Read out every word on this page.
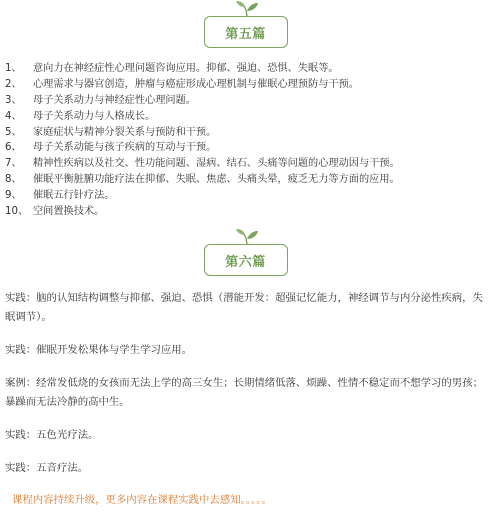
第五篇
1、	意向力在神经症性心理问题咨询应用。抑郁、强迫、恐惧、失眠等。
2、	心理需求与器官创造，肿瘤与癌症形成心理机制与催眠心理预防与干预。
3、	母子关系动力与神经症性心理问题。
4、	母子关系动力与人格成长。
5、	家庭症状与精神分裂关系与预防和干预。
6、	母子关系动能与孩子疾病的互动与干预。
7、	精神性疾病以及社交、性功能问题、湿病、结石、头痛等问题的心理动因与干预。
8、	催眠平衡脏腑功能疗法在抑郁、失眠、焦虑、头痛头晕，疲乏无力等方面的应用。
9、	催眠五行针疗法。
10、 空间置换技术。
第六篇

实践：脑的认知结构调整与抑郁、强迫、恐惧（潜能开发：超强记忆能力，神经调节与内分泌性疾病，失眠调节）。

实践：催眠开发松果体与学生学习应用。

案例：经常发低烧的女孩而无法上学的高三女生；长期情绪低落、烦躁、性情不稳定而不想学习的男孩；暴躁而无法冷静的高中生。

实践：五色光疗法。

实践：五音疗法。

课程内容持续升级，更多内容在课程实践中去感知。。。。。
